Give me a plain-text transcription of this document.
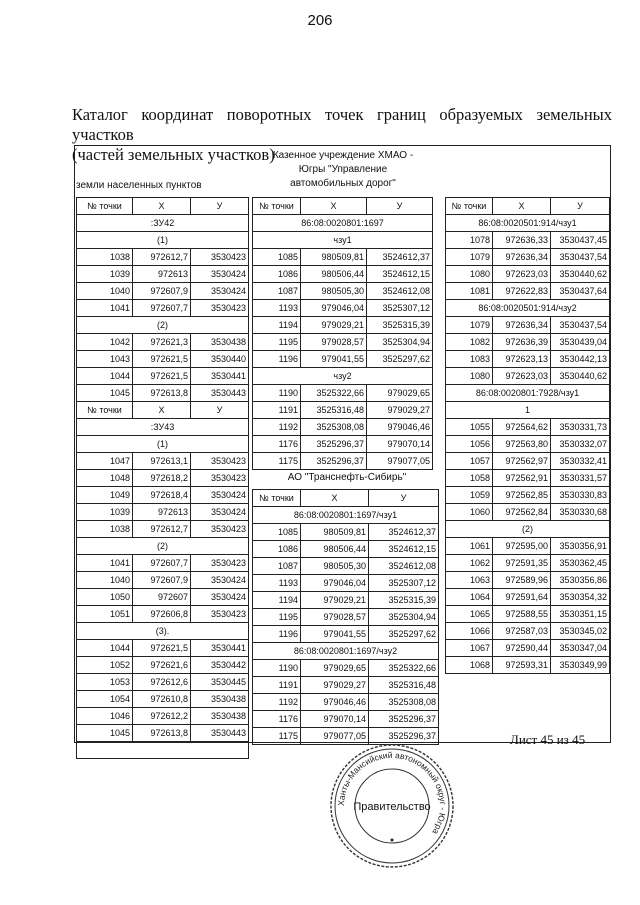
206
Каталог координат поворотных точек границ образуемых земельных участков
(частей земельных участков)
земли населенных пунктов
Казенное учреждение ХМАО -
Югры "Управление
автомобильных дорог"
АО "Транснефть-Сибирь"
№ точки	X	У
:ЗУ42		
(1)		
1038	972612,7	3530423
1039	972613	3530424
1040	972607,9	3530424
1041	972607,7	3530423
(2)		
1042	972621,3	3530438
1043	972621,5	3530440
1044	972621,5	3530441
1045	972613,8	3530443
№ точки	X	У
:ЗУ43		
(1)		
1047	972613,1	3530423
1048	972618,2	3530423
1049	972618,4	3530424
1039	972613	3530424
1038	972612,7	3530423
(2)		
1041	972607,7	3530423
1040	972607,9	3530424
1050	972607	3530424
1051	972606,8	3530423
(3).		
1044	972621,5	3530441
1052	972621,6	3530442
1053	972612,6	3530445
1054	972610,8	3530438
1046	972612,2	3530438
1045	972613,8	3530443

№ точки	X	У
86:08:0020801:1697		
чзу1		
1085	980509,81	3524612,37
1086	980506,44	3524612,15
1087	980505,30	3524612,08
1193	979046,04	3525307,12
1194	979029,21	3525315,39
1195	979028,57	3525304,94
1196	979041,55	3525297,62
чзу2		
1190	3525322,66	979029,65
1191	3525316,48	979029,27
1192	3525308,08	979046,46
1176	3525296,37	979070,14
1175	3525296,37	979077,05
№ точки	X	У
86:08:0020801:1697/чзу1		
1085	980509,81	3524612,37
1086	980506,44	3524612,15
1087	980505,30	3524612,08
1193	979046,04	3525307,12
1194	979029,21	3525315,39
1195	979028,57	3525304,94
1196	979041,55	3525297,62
86:08:0020801:1697/чзу2		
1190	979029,65	3525322,66
1191	979029,27	3525316,48
1192	979046,46	3525308,08
1176	979070,14	3525296,37
1175	979077,05	3525296,37
№ точки	X	У
86:08:0020501:914/чзу1		
1078	972636,33	3530437,45
1079	972636,34	3530437,54
1080	972623,03	3530440,62
1081	972622,83	3530437,64
86:08:0020501:914/чзу2		
1079	972636,34	3530437,54
1082	972636,39	3530439,04
1083	972623,13	3530442,13
1080	972623,03	3530440,62
86:08:0020801:7928/чзу1		
1		
1055	972564,62	3530331,73
1056	972563,80	3530332,07
1057	972562,97	3530332,41
1058	972562,91	3530331,57
1059	972562,85	3530330,83
1060	972562,84	3530330,68
(2)		
1061	972595,00	3530356,91
1062	972591,35	3530362,45
1063	972589,96	3530356,86
1064	972591,64	3530354,32
1065	972588,55	3530351,15
1066	972587,03	3530345,02
1067	972590,44	3530347,04
1068	972593,31	3530349,99
Лист 45 из 45
Ханты-Мансийский автономный округ - Югра
Правительство
